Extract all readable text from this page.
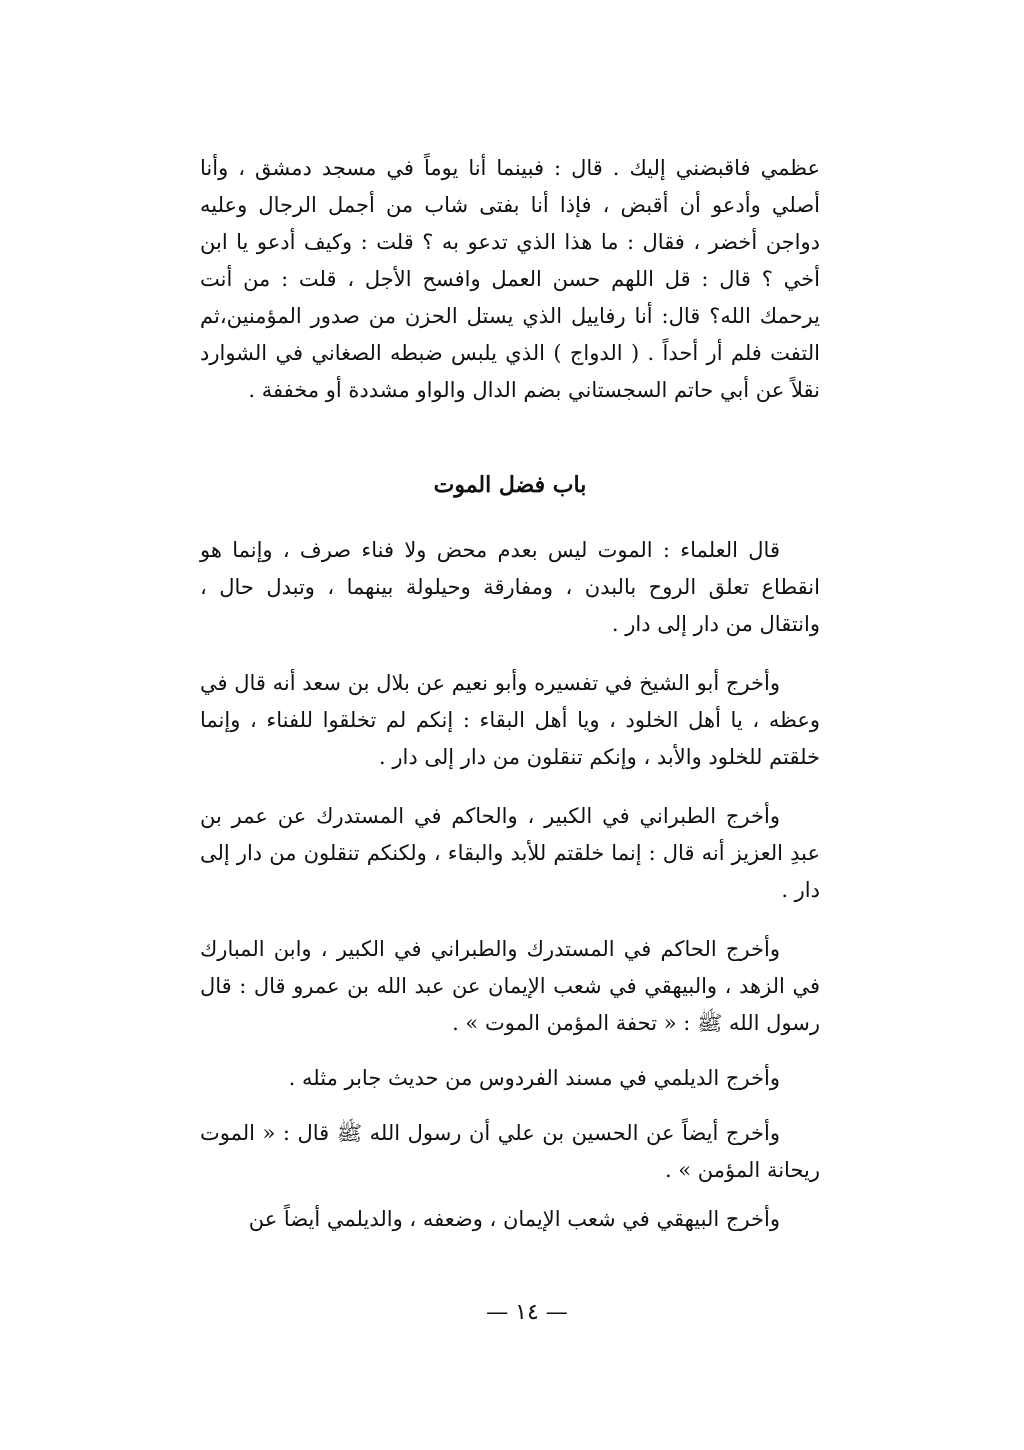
عظمي فاقبضني إليك . قال : فبينما أنا يوماً في مسجد دمشق ، وأنا أصلي وأدعو أن أقبض ، فإذا أنا بفتى شاب من أجمل الرجال وعليه دواجن أخضر ، فقال : ما هذا الذي تدعو به ؟ قلت : وكيف أدعو يا ابن أخي ؟ قال : قل اللهم حسن العمل وافسح الأجل ، قلت : من أنت يرحمك الله؟ قال: أنا رفاييل الذي يستل الحزن من صدور المؤمنين،ثم التفت فلم أر أحداً . ( الدواج ) الذي يلبس ضبطه الصغاني في الشوارد نقلاً عن أبي حاتم السجستاني بضم الدال والواو مشددة أو مخففة .

باب فضل الموت

قال العلماء : الموت ليس بعدم محض ولا فناء صرف ، وإنما هو انقطاع تعلق الروح بالبدن ، ومفارقة وحيلولة بينهما ، وتبدل حال ، وانتقال من دار إلى دار .

وأخرج أبو الشيخ في تفسيره وأبو نعيم عن بلال بن سعد أنه قال في وعظه ، يا أهل الخلود ، ويا أهل البقاء : إنكم لم تخلقوا للفناء ، وإنما خلقتم للخلود والأبد ، وإنكم تنقلون من دار إلى دار .

وأخرج الطبراني في الكبير ، والحاكم في المستدرك عن عمر بن عبدِ العزيز أنه قال : إنما خلقتم للأبد والبقاء ، ولكنكم تنقلون من دار إلى دار .

وأخرج الحاكم في المستدرك والطبراني في الكبير ، وابن المبارك في الزهد ، والبيهقي في شعب الإيمان عن عبد الله بن عمرو قال : قال رسول الله ﷺ : « تحفة المؤمن الموت » .

وأخرج الديلمي في مسند الفردوس من حديث جابر مثله .

وأخرج أيضاً عن الحسين بن علي أن رسول الله ﷺ قال : « الموت ريحانة المؤمن » .

وأخرج البيهقي في شعب الإيمان ، وضعفه ، والديلمي أيضاً عن

— ١٤ —
